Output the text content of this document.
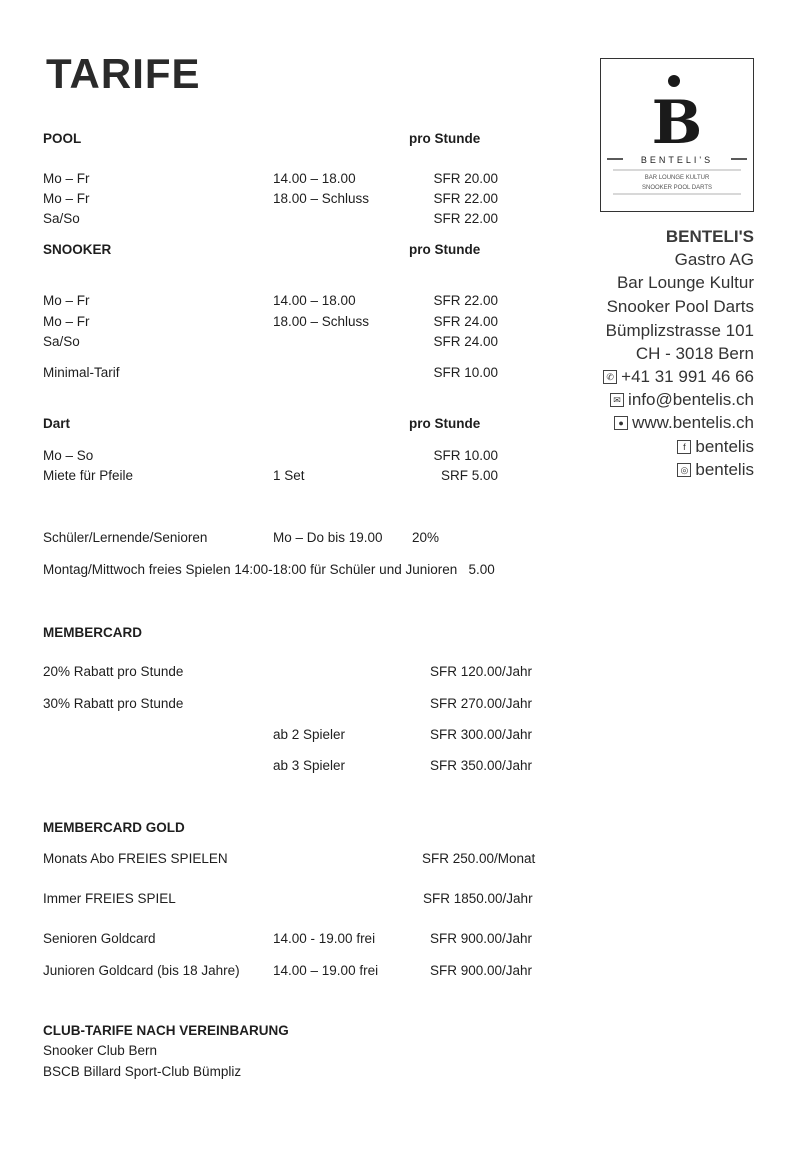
TARIFE
B
BENTELI'S
BAR LOUNGE KULTUR
SNOOKER POOL DARTS
BENTELI'S
Gastro AG
Bar Lounge Kultur
Snooker Pool Darts
Bümplizstrasse 101
CH - 3018 Bern
✆ +41 31 991 46 66
✉ info@bentelis.ch
● www.bentelis.ch
f bentelis
◎ bentelis
POOL	pro Stunde
Mo – Fr	14.00 – 18.00	SFR 20.00
Mo – Fr	18.00 – Schluss	SFR 22.00
Sa/So	SFR 22.00
SNOOKER	pro Stunde
Mo – Fr	14.00 – 18.00	SFR 22.00
Mo – Fr	18.00 – Schluss	SFR 24.00
Sa/So	SFR 24.00
Minimal-Tarif	SFR 10.00
Dart	pro Stunde
Mo – So	SFR 10.00
Miete für Pfeile	1 Set	SRF 5.00
Schüler/Lernende/Senioren	Mo – Do bis 19.00 20%
Montag/Mittwoch freies Spielen 14:00-18:00 für Schüler und Junioren   5.00
MEMBERCARD
20% Rabatt pro Stunde	SFR 120.00/Jahr
30% Rabatt pro Stunde	SFR 270.00/Jahr
ab 2 Spieler	SFR 300.00/Jahr
ab 3 Spieler	SFR 350.00/Jahr
MEMBERCARD GOLD
Monats Abo FREIES SPIELEN	SFR 250.00/Monat
Immer FREIES SPIEL	SFR 1850.00/Jahr
Senioren Goldcard	14.00 - 19.00 frei	SFR 900.00/Jahr
Junioren Goldcard (bis 18 Jahre) 14.00 – 19.00 frei	SFR 900.00/Jahr
CLUB-TARIFE NACH VEREINBARUNG
Snooker Club Bern
BSCB Billard Sport-Club Bümpliz
